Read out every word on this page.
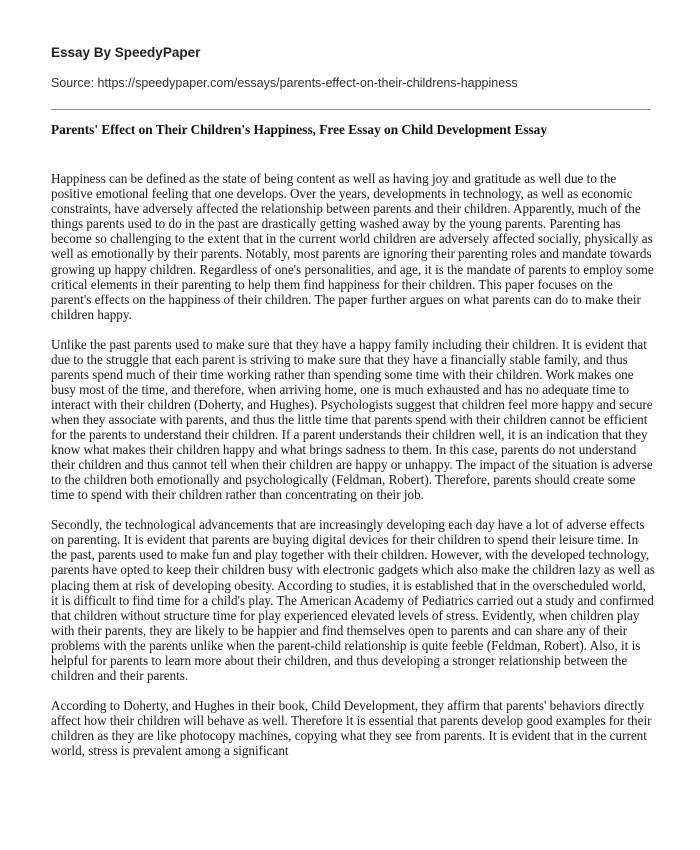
Essay By SpeedyPaper
Source: https://speedypaper.com/essays/parents-effect-on-their-childrens-happiness
Parents' Effect on Their Children's Happiness, Free Essay on Child Development Essay

Happiness can be defined as the state of being content as well as having joy and gratitude as well due to the positive emotional feeling that one develops. Over the years, developments in technology, as well as economic constraints, have adversely affected the relationship between parents and their children. Apparently, much of the things parents used to do in the past are drastically getting washed away by the young parents. Parenting has become so challenging to the extent that in the current world children are adversely affected socially, physically as well as emotionally by their parents. Notably, most parents are ignoring their parenting roles and mandate towards growing up happy children. Regardless of one's personalities, and age, it is the mandate of parents to employ some critical elements in their parenting to help them find happiness for their children. This paper focuses on the parent's effects on the happiness of their children. The paper further argues on what parents can do to make their children happy.

Unlike the past parents used to make sure that they have a happy family including their children. It is evident that due to the struggle that each parent is striving to make sure that they have a financially stable family, and thus parents spend much of their time working rather than spending some time with their children. Work makes one busy most of the time, and therefore, when arriving home, one is much exhausted and has no adequate time to interact with their children (Doherty, and Hughes). Psychologists suggest that children feel more happy and secure when they associate with parents, and thus the little time that parents spend with their children cannot be efficient for the parents to understand their children. If a parent understands their children well, it is an indication that they know what makes their children happy and what brings sadness to them. In this case, parents do not understand their children and thus cannot tell when their children are happy or unhappy. The impact of the situation is adverse to the children both emotionally and psychologically (Feldman, Robert). Therefore, parents should create some time to spend with their children rather than concentrating on their job.

Secondly, the technological advancements that are increasingly developing each day have a lot of adverse effects on parenting. It is evident that parents are buying digital devices for their children to spend their leisure time. In the past, parents used to make fun and play together with their children. However, with the developed technology, parents have opted to keep their children busy with electronic gadgets which also make the children lazy as well as placing them at risk of developing obesity. According to studies, it is established that in the overscheduled world, it is difficult to find time for a child's play. The American Academy of Pediatrics carried out a study and confirmed that children without structure time for play experienced elevated levels of stress. Evidently, when children play with their parents, they are likely to be happier and find themselves open to parents and can share any of their problems with the parents unlike when the parent-child relationship is quite feeble (Feldman, Robert). Also, it is helpful for parents to learn more about their children, and thus developing a stronger relationship between the children and their parents.

According to Doherty, and Hughes in their book, Child Development, they affirm that parents' behaviors directly affect how their children will behave as well. Therefore it is essential that parents develop good examples for their children as they are like photocopy machines, copying what they see from parents. It is evident that in the current world, stress is prevalent among a significant
